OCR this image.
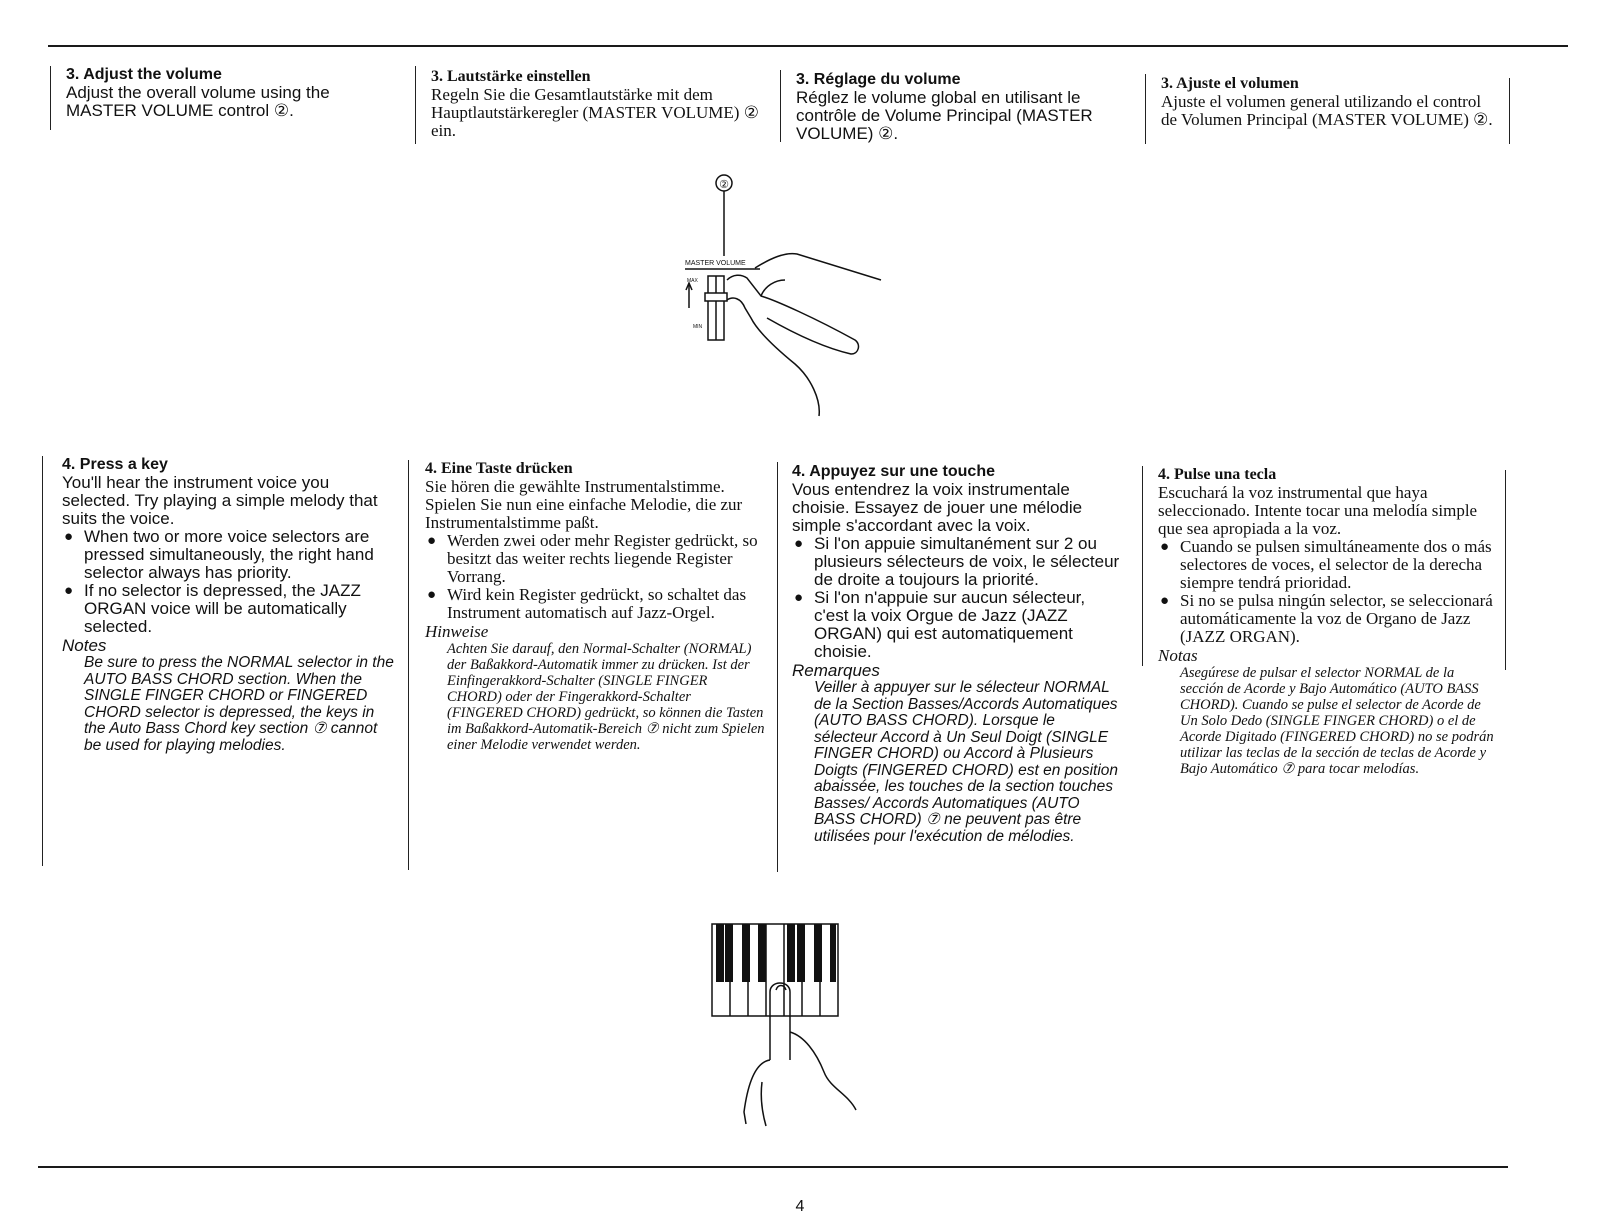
3. Adjust the volume

Adjust the overall volume using the MASTER VOLUME control ②.

3. Lautstärke einstellen

Regeln Sie die Gesamtlautstärke mit dem Hauptlautstärkeregler (MASTER VOLUME) ② ein.

3. Réglage du volume

Réglez le volume global en utilisant le contrôle de Volume Principal (MASTER VOLUME) ②.

3. Ajuste el volumen

Ajuste el volumen general utilizando el control de Volumen Principal (MASTER VOLUME) ②.

②
MASTER VOLUME
MAX
MIN
4. Press a key

You'll hear the instrument voice you selected. Try playing a simple melody that suits the voice.

● When two or more voice selectors are pressed simultaneously, the right hand selector always has priority.
● If no selector is depressed, the JAZZ ORGAN voice will be automatically selected.
Notes
Be sure to press the NORMAL selector in the AUTO BASS CHORD section. When the SINGLE FINGER CHORD or FINGERED CHORD selector is depressed, the keys in the Auto Bass Chord key section ⑦ cannot be used for playing melodies.
4. Eine Taste drücken

Sie hören die gewählte Instrumentalstimme. Spielen Sie nun eine einfache Melodie, die zur Instrumentalstimme paßt.

● Werden zwei oder mehr Register gedrückt, so besitzt das weiter rechts liegende Register Vorrang.
● Wird kein Register gedrückt, so schaltet das Instrument automatisch auf Jazz-Orgel.
Hinweise
Achten Sie darauf, den Normal-Schalter (NORMAL) der Baßakkord-Automatik immer zu drücken. Ist der Einfingerakkord-Schalter (SINGLE FINGER CHORD) oder der Fingerakkord-Schalter (FINGERED CHORD) gedrückt, so können die Tasten im Baßakkord-Automatik-Bereich ⑦ nicht zum Spielen einer Melodie verwendet werden.
4. Appuyez sur une touche

Vous entendrez la voix instrumentale choisie. Essayez de jouer une mélodie simple s'accordant avec la voix.

● Si l'on appuie simultanément sur 2 ou plusieurs sélecteurs de voix, le sélecteur de droite a toujours la priorité.
● Si l'on n'appuie sur aucun sélecteur, c'est la voix Orgue de Jazz (JAZZ ORGAN) qui est automatiquement choisie.
Remarques
Veiller à appuyer sur le sélecteur NORMAL de la Section Basses/Accords Automatiques (AUTO BASS CHORD). Lorsque le sélecteur Accord à Un Seul Doigt (SINGLE FINGER CHORD) ou Accord à Plusieurs Doigts (FINGERED CHORD) est en position abaissée, les touches de la section touches Basses/ Accords Automatiques (AUTO BASS CHORD) ⑦ ne peuvent pas être utilisées pour l'exécution de mélodies.
4. Pulse una tecla

Escuchará la voz instrumental que haya seleccionado. Intente tocar una melodía simple que sea apropiada a la voz.

● Cuando se pulsen simultáneamente dos o más selectores de voces, el selector de la derecha siempre tendrá prioridad.
● Si no se pulsa ningún selector, se seleccionará automáticamente la voz de Organo de Jazz (JAZZ ORGAN).
Notas
Asegúrese de pulsar el selector NORMAL de la sección de Acorde y Bajo Automático (AUTO BASS CHORD). Cuando se pulse el selector de Acorde de Un Solo Dedo (SINGLE FINGER CHORD) o el de Acorde Digitado (FINGERED CHORD) no se podrán utilizar las teclas de la sección de teclas de Acorde y Bajo Automático ⑦ para tocar melodías.
4
